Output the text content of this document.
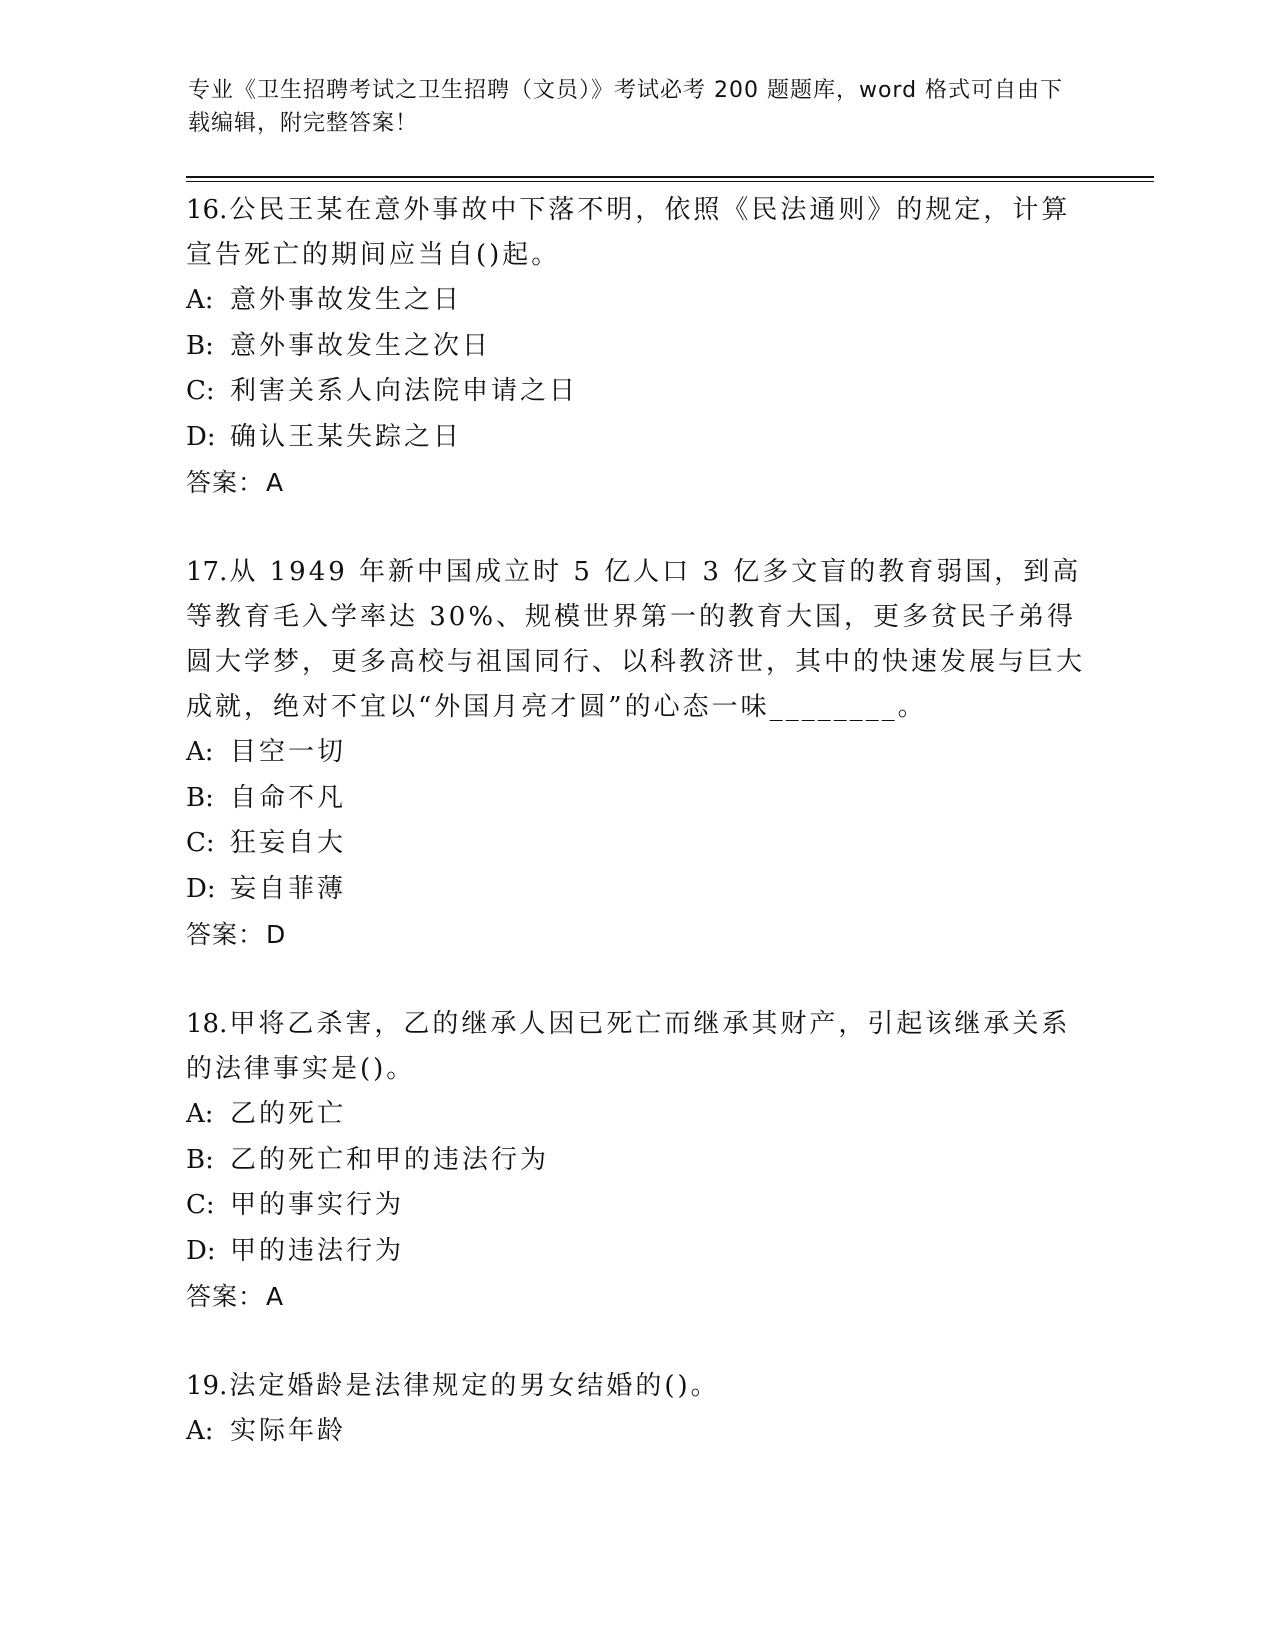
专业《卫生招聘考试之卫生招聘（文员）》考试必考 200 题题库，word 格式可自由下载编辑，附完整答案！
16.公民王某在意外事故中下落不明，依照《民法通则》的规定，计算宣告死亡的期间应当自()起。
A: 意外事故发生之日
B: 意外事故发生之次日
C: 利害关系人向法院申请之日
D: 确认王某失踪之日
答案：A
17.从 1949 年新中国成立时 5 亿人口 3 亿多文盲的教育弱国，到高等教育毛入学率达 30%、规模世界第一的教育大国，更多贫民子弟得圆大学梦，更多高校与祖国同行、以科教济世，其中的快速发展与巨大成就，绝对不宜以“外国月亮才圆”的心态一味________。
A: 目空一切
B: 自命不凡
C: 狂妄自大
D: 妄自菲薄
答案：D
18.甲将乙杀害，乙的继承人因已死亡而继承其财产，引起该继承关系的法律事实是()。
A: 乙的死亡
B: 乙的死亡和甲的违法行为
C: 甲的事实行为
D: 甲的违法行为
答案：A
19.法定婚龄是法律规定的男女结婚的()。
A: 实际年龄
